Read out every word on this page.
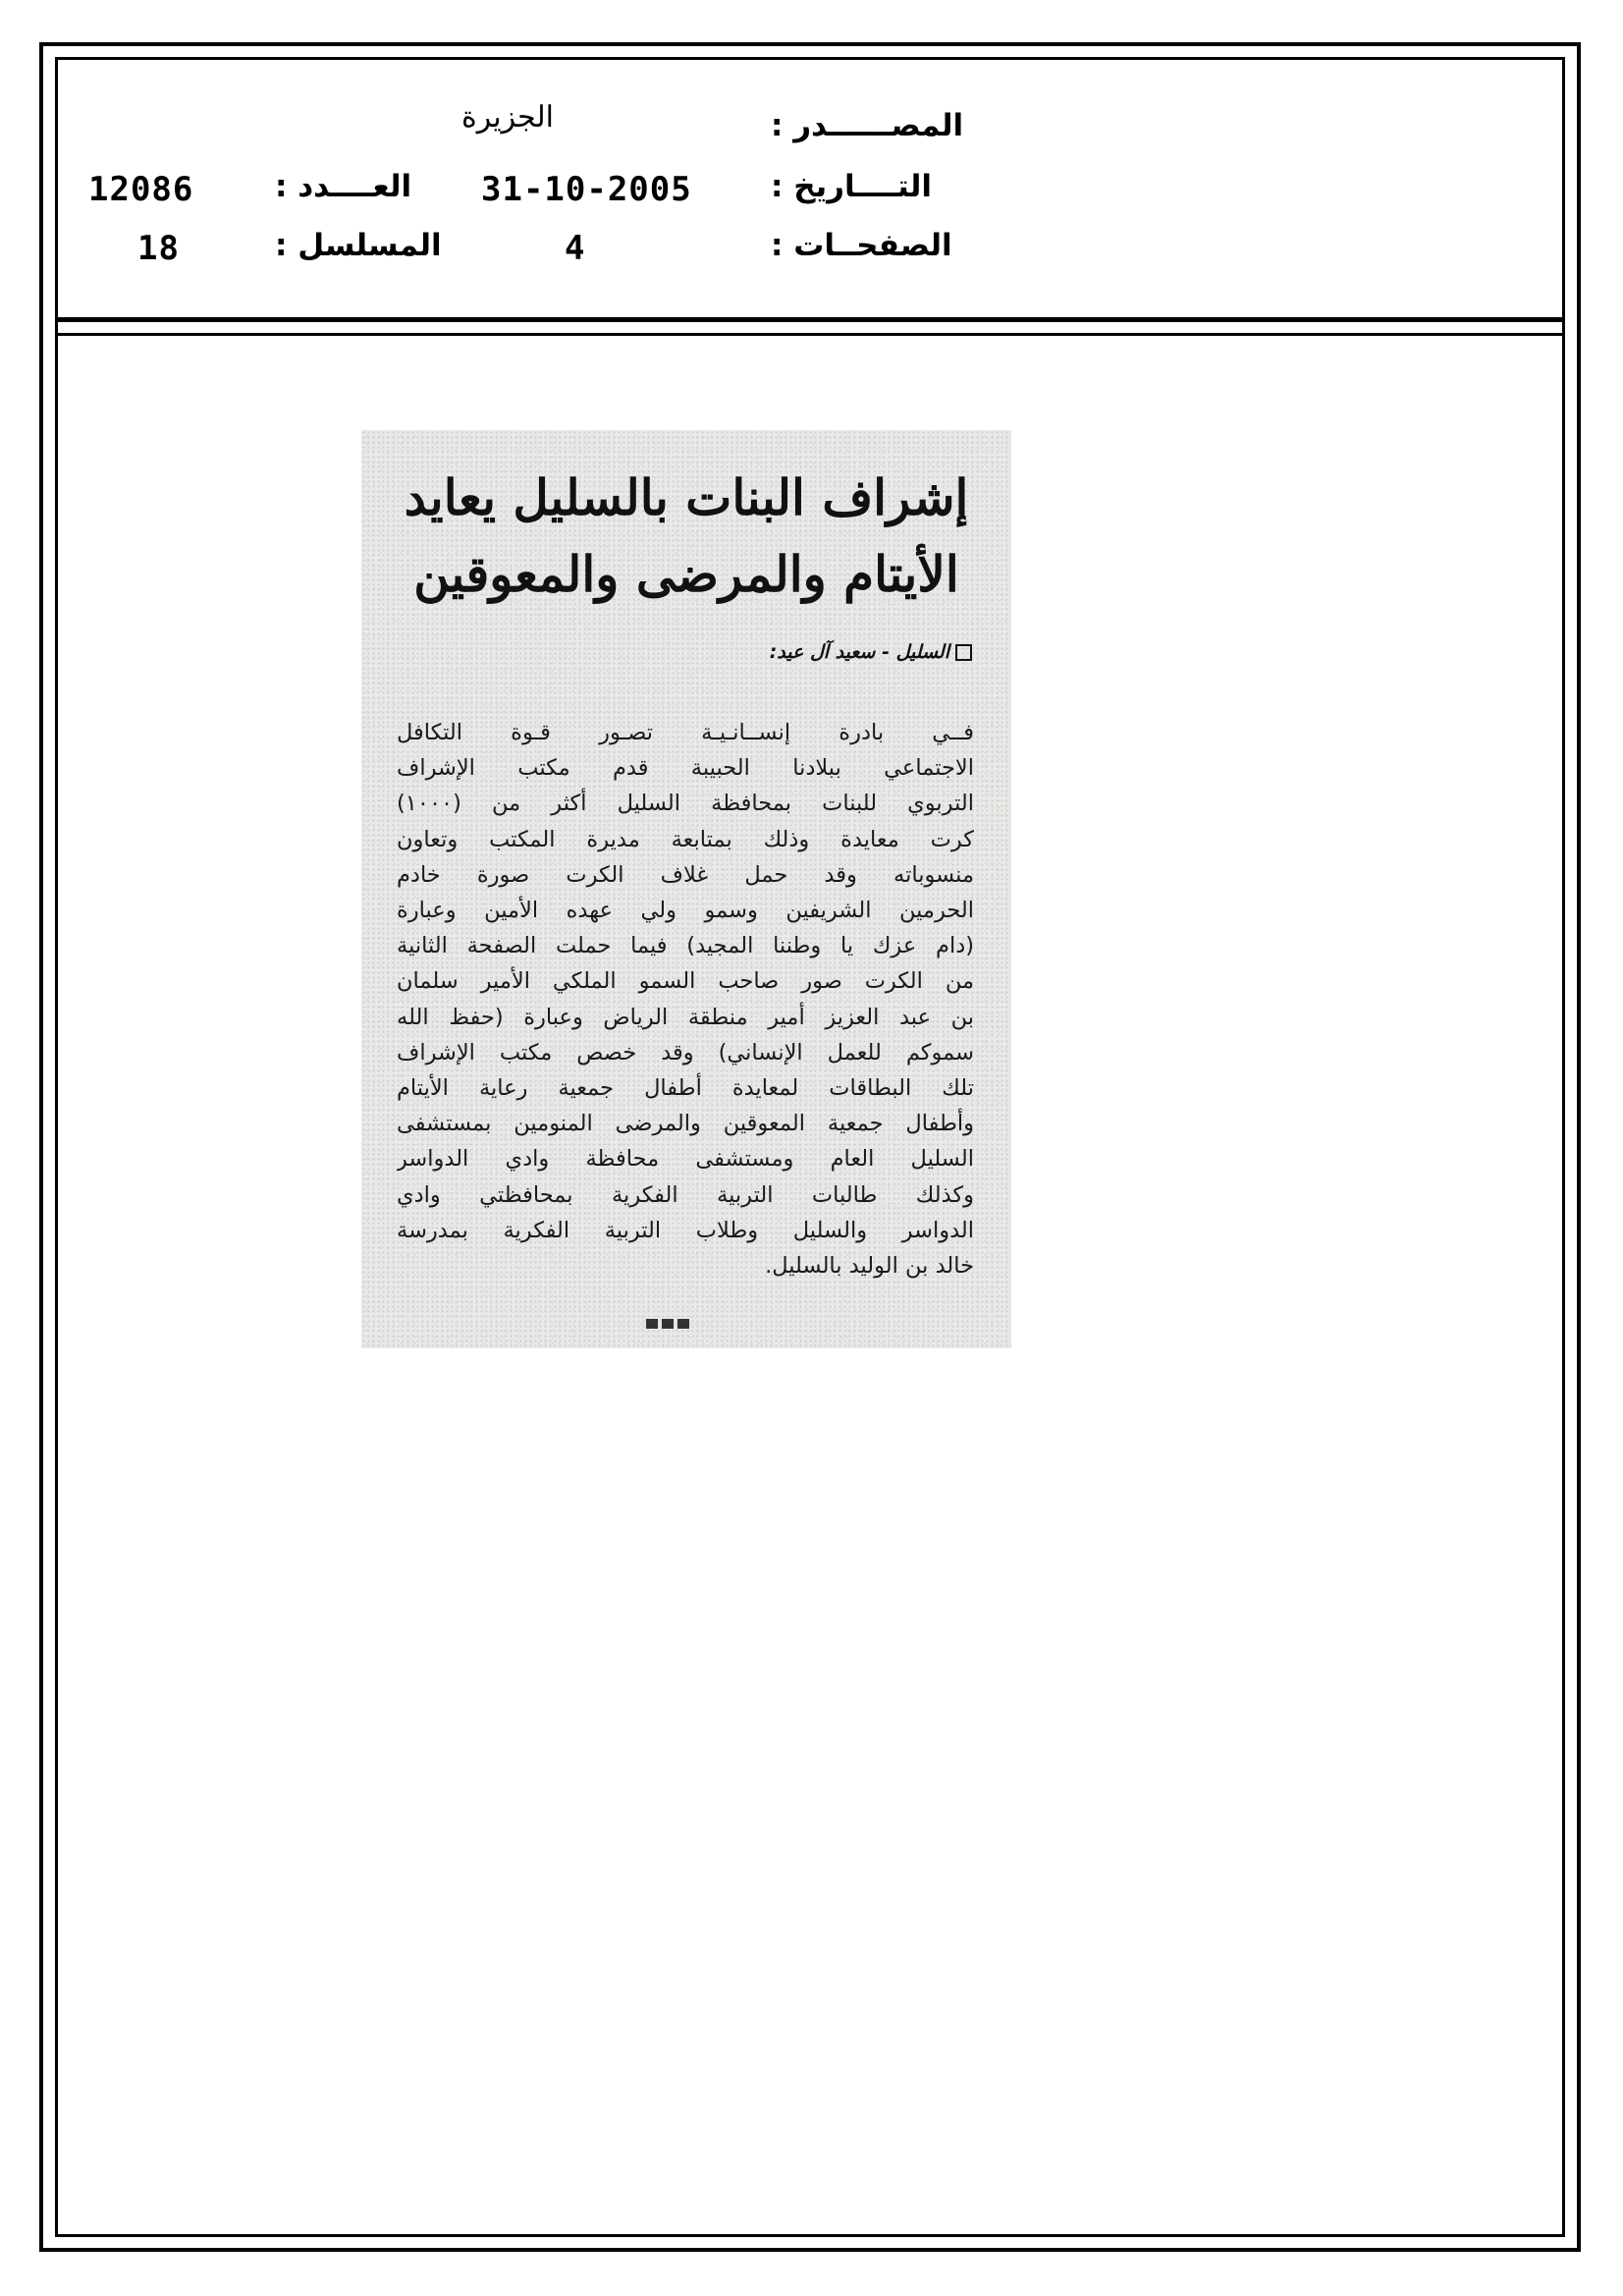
المصــــــدر :
الجزيرة
التــــاريخ :
31-10-2005
العــــدد :
12086
الصفحــات :
4
المسلسل :
18
إشراف البنات بالسليل يعايد
الأيتام والمرضى والمعوقين
السليل - سعيد آل عيد:
فــي بادرة إنســانـيـة تصـور قـوة التكافل
الاجتماعي ببلادنا الحبيبة قدم مكتب الإشراف
التربوي للبنات بمحافظة السليل أكثر من (١٠٠٠)
كرت معايدة وذلك بمتابعة مديرة المكتب وتعاون
منسوباته وقد حمل غلاف الكرت صورة خادم
الحرمين الشريفين وسمو ولي عهده الأمين وعبارة
(دام عزك يا وطننا المجيد) فيما حملت الصفحة الثانية
من الكرت صور صاحب السمو الملكي الأمير سلمان
بن عبد العزيز أمير منطقة الرياض وعبارة (حفظ الله
سموكم للعمل الإنساني) وقد خصص مكتب الإشراف
تلك البطاقات لمعايدة أطفال جمعية رعاية الأيتام
وأطفال جمعية المعوقين والمرضى المنومين بمستشفى
السليل العام ومستشفى محافظة وادي الدواسر
وكذلك طالبات التربية الفكرية بمحافظتي وادي
الدواسر والسليل وطلاب التربية الفكرية بمدرسة
خالد بن الوليد بالسليل.
